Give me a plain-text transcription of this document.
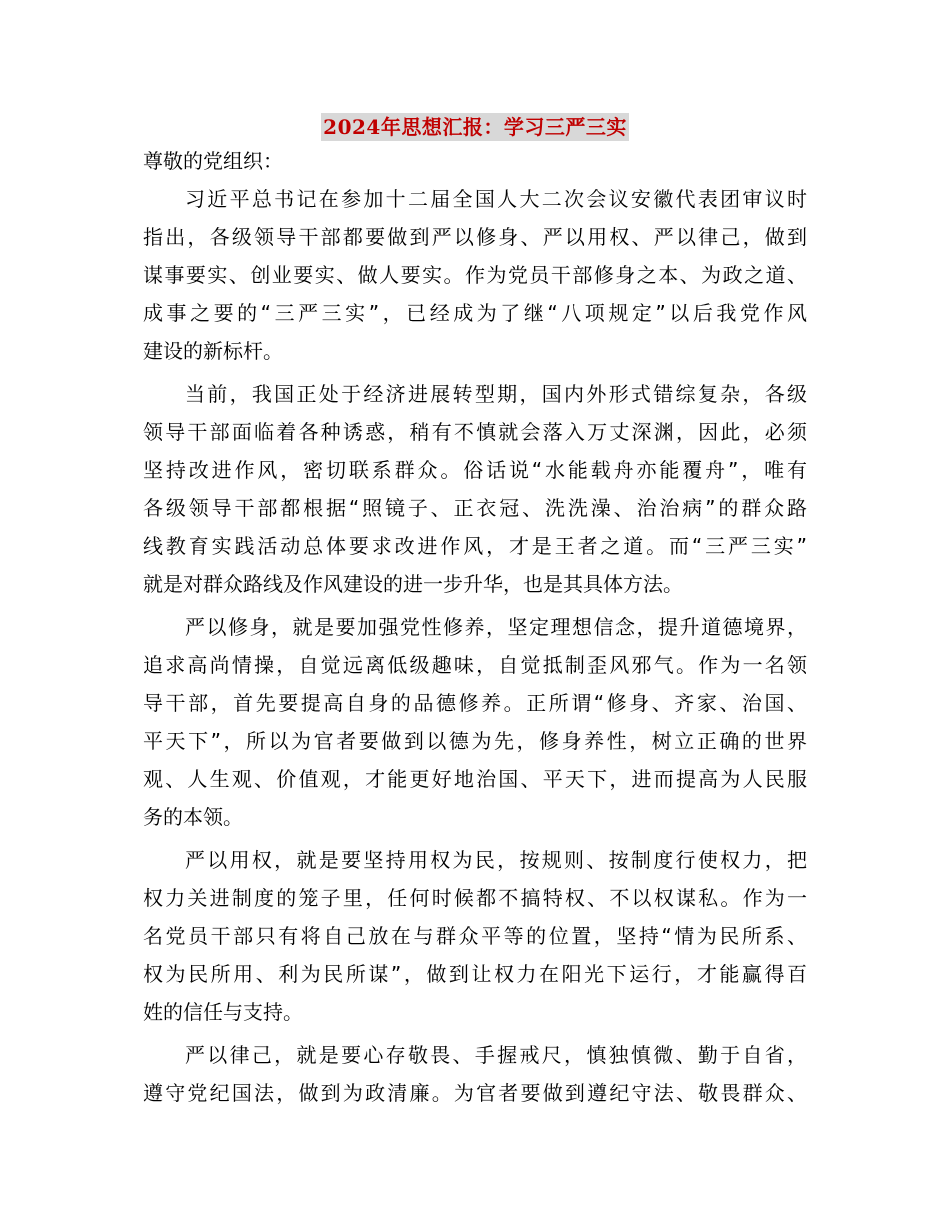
2024年思想汇报：学习三严三实

尊敬的党组织：

习近平总书记在参加十二届全国人大二次会议安徽代表团审议时
指出，各级领导干部都要做到严以修身、严以用权、严以律己，做到
谋事要实、创业要实、做人要实。作为党员干部修身之本、为政之道、
成事之要的“三严三实”，已经成为了继“八项规定”以后我党作风
建设的新标杆。
当前，我国正处于经济进展转型期，国内外形式错综复杂，各级
领导干部面临着各种诱惑，稍有不慎就会落入万丈深渊，因此，必须
坚持改进作风，密切联系群众。俗话说“水能载舟亦能覆舟”，唯有
各级领导干部都根据“照镜子、正衣冠、洗洗澡、治治病”的群众路
线教育实践活动总体要求改进作风，才是王者之道。而“三严三实”
就是对群众路线及作风建设的进一步升华，也是其具体方法。
严以修身，就是要加强党性修养，坚定理想信念，提升道德境界，
追求高尚情操，自觉远离低级趣味，自觉抵制歪风邪气。作为一名领
导干部，首先要提高自身的品德修养。正所谓“修身、齐家、治国、
平天下”，所以为官者要做到以德为先，修身养性，树立正确的世界
观、人生观、价值观，才能更好地治国、平天下，进而提高为人民服
务的本领。
严以用权，就是要坚持用权为民，按规则、按制度行使权力，把
权力关进制度的笼子里，任何时候都不搞特权、不以权谋私。作为一
名党员干部只有将自己放在与群众平等的位置，坚持“情为民所系、
权为民所用、利为民所谋”，做到让权力在阳光下运行，才能赢得百
姓的信任与支持。
严以律己，就是要心存敬畏、手握戒尺，慎独慎微、勤于自省，
遵守党纪国法，做到为政清廉。为官者要做到遵纪守法、敬畏群众、
